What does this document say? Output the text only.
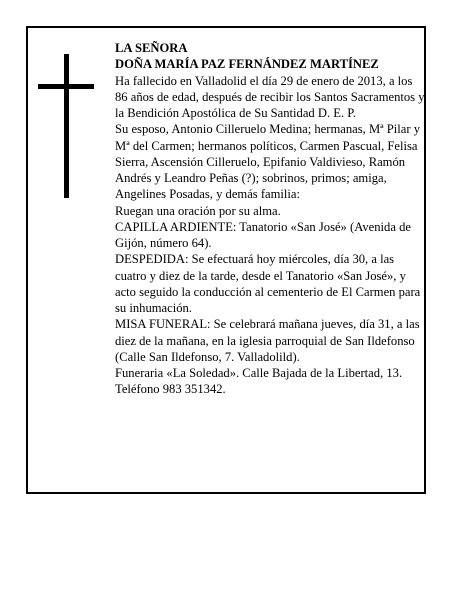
LA SEÑORA

DOÑA MARÍA PAZ FERNÁNDEZ MARTÍNEZ

Ha fallecido en Valladolid el día 29 de enero de 2013, a los 86 años de edad, después de recibir los Santos Sacramentos y la Bendición Apostólica de Su Santidad D. E. P.

Su esposo, Antonio Cilleruelo Medina; hermanas, Mª Pilar y Mª del Carmen; hermanos políticos, Carmen Pascual, Felisa Sierra, Ascensión Cilleruelo, Epifanio Valdivieso, Ramón Andrés y Leandro Peñas (?); sobrinos, primos; amiga, Angelines Posadas, y demás familia:

Ruegan una oración por su alma.

CAPILLA ARDIENTE: Tanatorio «San José» (Avenida de Gijón, número 64).

DESPEDIDA: Se efectuará hoy miércoles, día 30, a las cuatro y diez de la tarde, desde el Tanatorio «San José», y acto seguido la conducción al cementerio de El Carmen para su inhumación.

MISA FUNERAL: Se celebrará mañana jueves, día 31, a las diez de la mañana, en la iglesia parroquial de San Ildefonso (Calle San Ildefonso, 7. Valladolild).

Funeraria «La Soledad». Calle Bajada de la Libertad, 13. Teléfono 983 351342.
